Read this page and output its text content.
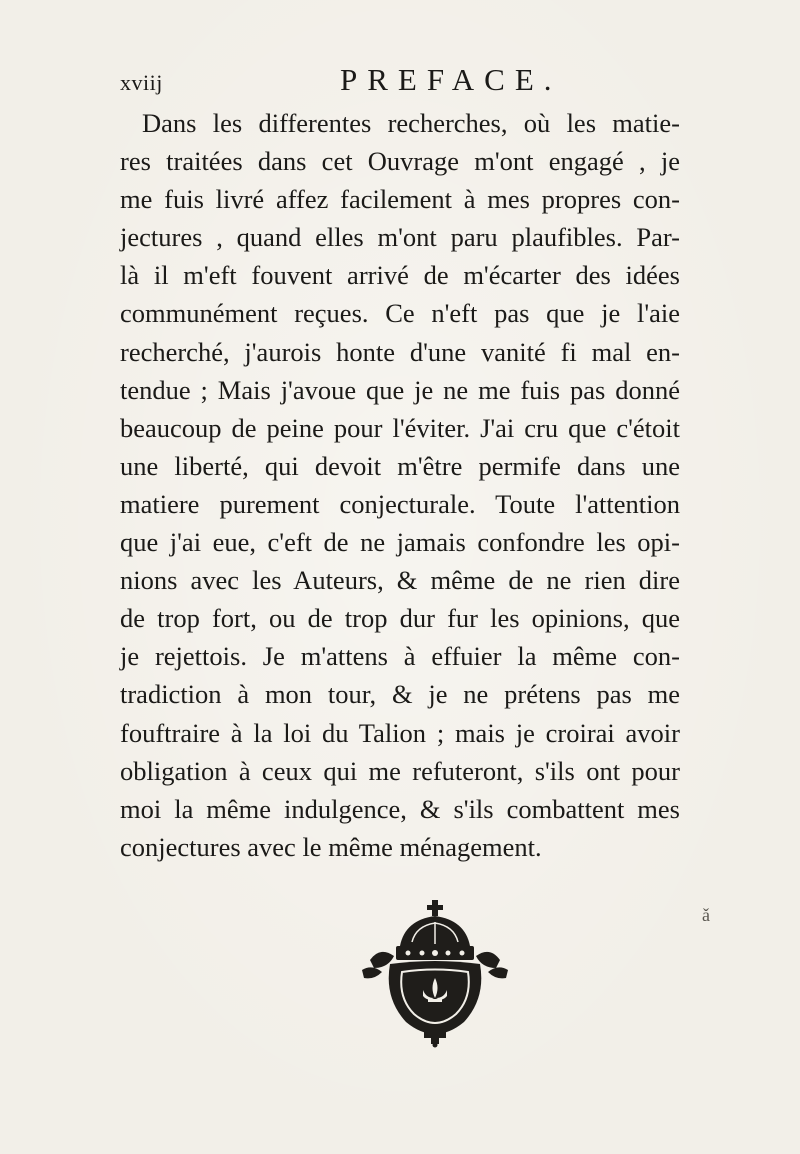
xviij	PREFACE.
Dans les differentes recherches, où les matie-
res traitées dans cet Ouvrage m'ont engagé , je
me fuis livré affez facilement à mes propres con-
jectures , quand elles m'ont paru plaufibles. Par-
là il m'eft fouvent arrivé de m'écarter des idées
communément reçues. Ce n'eft pas que je l'aie
recherché, j'aurois honte d'une vanité fi mal en-
tendue ; Mais j'avoue que je ne me fuis pas donné
beaucoup de peine pour l'éviter. J'ai cru que c'étoit
une liberté, qui devoit m'être permife dans une
matiere purement conjecturale. Toute l'attention
que j'ai eue, c'eft de ne jamais confondre les opi-
nions avec les Auteurs, & même de ne rien dire
de trop fort, ou de trop dur fur les opinions, que
je rejettois. Je m'attens à effuier la même con-
tradiction à mon tour, & je ne prétens pas me
fouftraire à la loi du Talion ; mais je croirai avoir
obligation à ceux qui me refuteront, s'ils ont pour
moi la même indulgence, & s'ils combattent mes
conjectures avec le même ménagement.
ǎ
